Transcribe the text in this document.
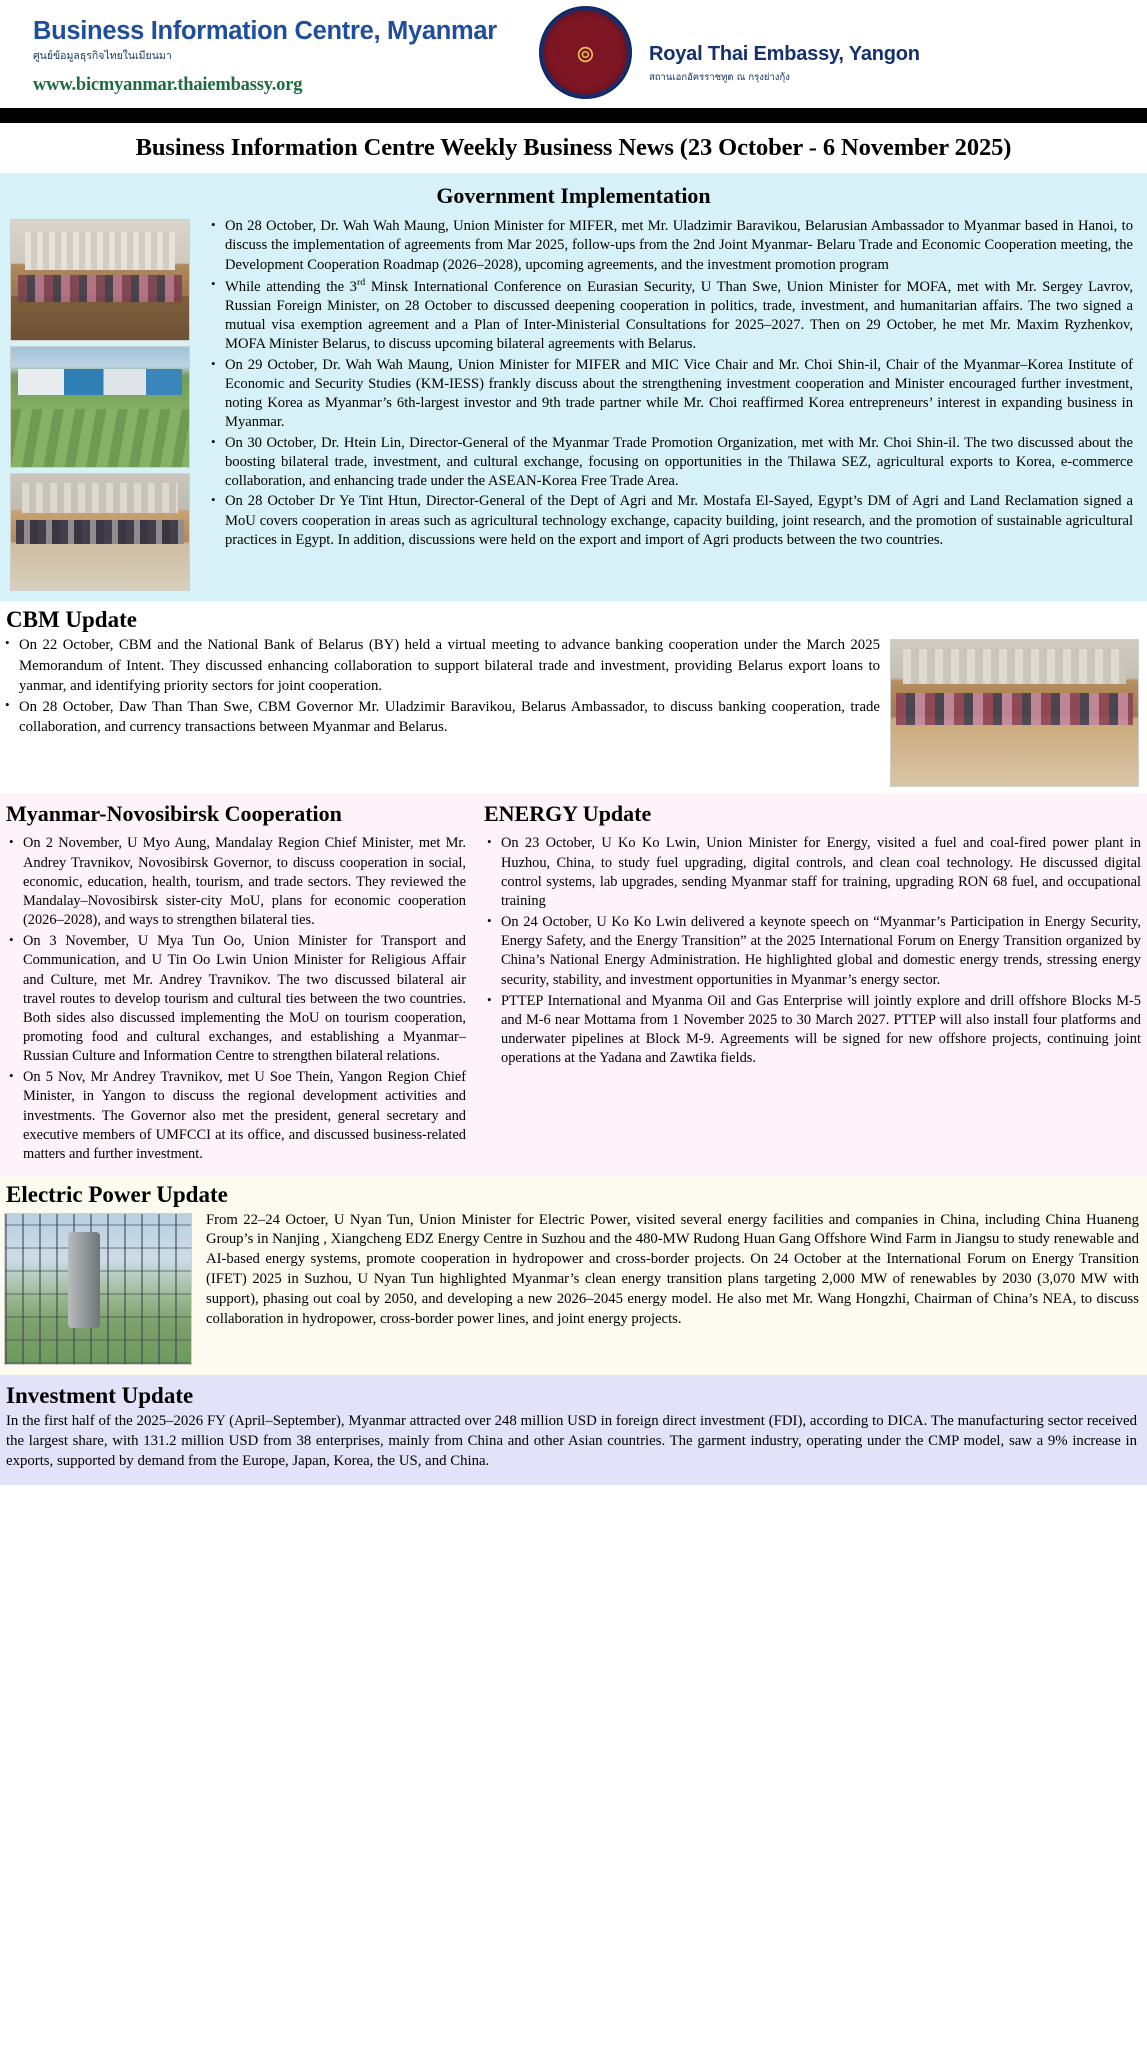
Business Information Centre, Myanmar
ศูนย์ข้อมูลธุรกิจไทยในเมียนมา
www.bicmyanmar.thaiembassy.org
๏	Royal Thai Embassy, Yangon
สถานเอกอัครราชทูต ณ กรุงย่างกุ้ง
Business Information Centre Weekly Business News (23 October - 6 November 2025)
Government Implementation
• On 28 October, Dr. Wah Wah Maung, Union Minister for MIFER, met Mr. Uladzimir Baravikou, Belarusian Ambassador to Myanmar based in Hanoi, to discuss the implementation of agreements from Mar 2025, follow-ups from the 2nd Joint Myanmar- Belaru Trade and Economic Cooperation meeting, the Development Cooperation Roadmap (2026–2028), upcoming agreements, and the investment promotion program
• While attending the 3rd Minsk International Conference on Eurasian Security, U Than Swe, Union Minister for MOFA, met with Mr. Sergey Lavrov, Russian Foreign Minister, on 28 October to discussed deepening cooperation in politics, trade, investment, and humanitarian affairs. The two signed a mutual visa exemption agreement and a Plan of Inter-Ministerial Consultations for 2025–2027. Then on 29 October, he met Mr. Maxim Ryzhenkov, MOFA Minister Belarus, to discuss upcoming bilateral agreements with Belarus.
• On 29 October, Dr. Wah Wah Maung, Union Minister for MIFER and MIC Vice Chair and Mr. Choi Shin-il, Chair of the Myanmar–Korea Institute of Economic and Security Studies (KM-IESS) frankly discuss about the strengthening investment cooperation and Minister encouraged further investment, noting Korea as Myanmar’s 6th-largest investor and 9th trade partner while Mr. Choi reaffirmed Korea entrepreneurs’ interest in expanding business in Myanmar.
• On 30 October, Dr. Htein Lin, Director-General of the Myanmar Trade Promotion Organization, met with Mr. Choi Shin-il. The two discussed about the boosting bilateral trade, investment, and cultural exchange, focusing on opportunities in the Thilawa SEZ, agricultural exports to Korea, e-commerce collaboration, and enhancing trade under the ASEAN-Korea Free Trade Area.
• On 28 October Dr Ye Tint Htun, Director-General of the Dept of Agri and Mr. Mostafa El-Sayed, Egypt’s DM of Agri and Land Reclamation signed a MoU covers cooperation in areas such as agricultural technology exchange, capacity building, joint research, and the promotion of sustainable agricultural practices in Egypt. In addition, discussions were held on the export and import of Agri products between the two countries.
CBM Update
• On 22 October, CBM and the National Bank of Belarus (BY) held a virtual meeting to advance banking cooperation under the March 2025 Memorandum of Intent. They discussed enhancing collaboration to support bilateral trade and investment, providing Belarus export loans to yanmar, and identifying priority sectors for joint cooperation.
• On 28 October, Daw Than Than Swe, CBM Governor Mr. Uladzimir Baravikou, Belarus Ambassador, to discuss banking cooperation, trade collaboration, and currency transactions between Myanmar and Belarus.
Myanmar-Novosibirsk Cooperation
• On 2 November, U Myo Aung, Mandalay Region Chief Minister, met Mr. Andrey Travnikov, Novosibirsk Governor, to discuss cooperation in social, economic, education, health, tourism, and trade sectors. They reviewed the Mandalay–Novosibirsk sister-city MoU, plans for economic cooperation (2026–2028), and ways to strengthen bilateral ties.
• On 3 November, U Mya Tun Oo, Union Minister for Transport and Communication, and U Tin Oo Lwin Union Minister for Religious Affair and Culture, met Mr. Andrey Travnikov. The two discussed bilateral air travel routes to develop tourism and cultural ties between the two countries. Both sides also discussed implementing the MoU on tourism cooperation, promoting food and cultural exchanges, and establishing a Myanmar–Russian Culture and Information Centre to strengthen bilateral relations.
• On 5 Nov, Mr Andrey Travnikov, met U Soe Thein, Yangon Region Chief Minister, in Yangon to discuss the regional development activities and investments. The Governor also met the president, general secretary and executive members of UMFCCI at its office, and discussed business-related matters and further investment.
ENERGY Update
• On 23 October, U Ko Ko Lwin, Union Minister for Energy, visited a fuel and coal-fired power plant in Huzhou, China, to study fuel upgrading, digital controls, and clean coal technology. He discussed digital control systems, lab upgrades, sending Myanmar staff for training, upgrading RON 68 fuel, and occupational training
• On 24 October, U Ko Ko Lwin delivered a keynote speech on “Myanmar’s Participation in Energy Security, Energy Safety, and the Energy Transition” at the 2025 International Forum on Energy Transition organized by China’s National Energy Administration. He highlighted global and domestic energy trends, stressing energy security, stability, and investment opportunities in Myanmar’s energy sector.
• PTTEP International and Myanma Oil and Gas Enterprise will jointly explore and drill offshore Blocks M-5 and M-6 near Mottama from 1 November 2025 to 30 March 2027. PTTEP will also install four platforms and underwater pipelines at Block M-9. Agreements will be signed for new offshore projects, continuing joint operations at the Yadana and Zawtika fields.
Electric Power Update
From 22–24 Octoer, U Nyan Tun, Union Minister for Electric Power, visited several energy facilities and companies in China, including China Huaneng Group’s in Nanjing , Xiangcheng EDZ Energy Centre in Suzhou and the 480-MW Rudong Huan Gang Offshore Wind Farm in Jiangsu to study renewable and AI-based energy systems, promote cooperation in hydropower and cross-border projects. On 24 October at the International Forum on Energy Transition (IFET) 2025 in Suzhou, U Nyan Tun highlighted Myanmar’s clean energy transition plans targeting 2,000 MW of renewables by 2030 (3,070 MW with support), phasing out coal by 2050, and developing a new 2026–2045 energy model. He also met Mr. Wang Hongzhi, Chairman of China’s NEA, to discuss collaboration in hydropower, cross-border power lines, and joint energy projects.
Investment Update
In the first half of the 2025–2026 FY (April–September), Myanmar attracted over 248 million USD in foreign direct investment (FDI), according to DICA. The manufacturing sector received the largest share, with 131.2 million USD from 38 enterprises, mainly from China and other Asian countries. The garment industry, operating under the CMP model, saw a 9% increase in exports, supported by demand from the Europe, Japan, Korea, the US, and China.
